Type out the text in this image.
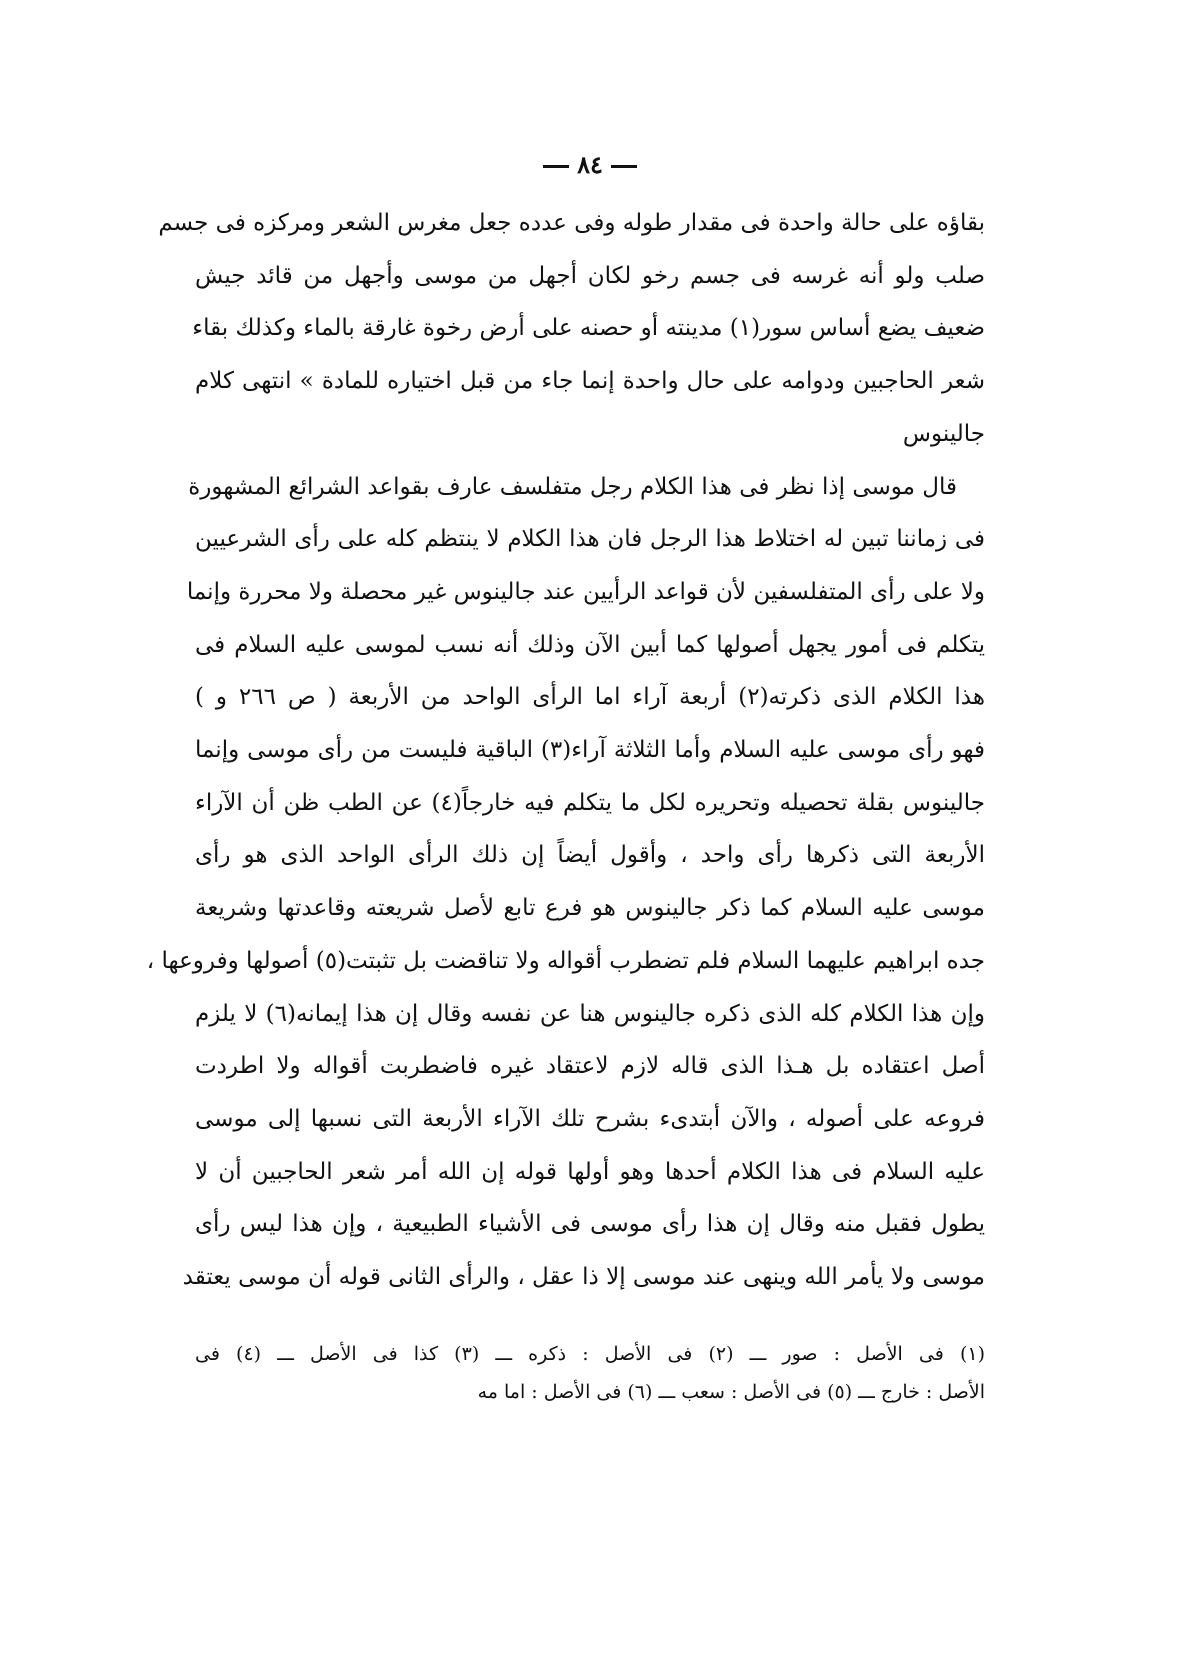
٨٤

بقاؤه على حالة واحدة فى مقدار طوله وفى عدده جعل مغرس الشعر ومركزه فى جسم
صلب ولو أنه غرسه فى جسم رخو لكان أجهل من موسى وأجهل من قائد جيش
ضعيف يضع أساس سور(١) مدينته أو حصنه على أرض رخوة غارقة بالماء وكذلك بقاء
شعر الحاجبين ودوامه على حال واحدة إنما جاء من قبل اختياره للمادة » انتهى كلام
جالينوس

قال موسى إذا نظر فى هذا الكلام رجل متفلسف عارف بقواعد الشرائع المشهورة
فى زماننا تبين له اختلاط هذا الرجل فان هذا الكلام لا ينتظم كله على رأى الشرعيين
ولا على رأى المتفلسفين لأن قواعد الرأيين عند جالينوس غير محصلة ولا محررة وإنما
يتكلم فى أمور يجهل أصولها كما أبين الآن وذلك أنه نسب لموسى عليه السلام فى
هذا الكلام الذى ذكرته(٢) أربعة آراء اما الرأى الواحد من الأربعة ( ص ٢٦٦ و )
فهو رأى موسى عليه السلام وأما الثلاثة آراء(٣) الباقية فليست من رأى موسى وإنما
جالينوس بقلة تحصيله وتحريره لكل ما يتكلم فيه خارجاً(٤) عن الطب ظن أن الآراء
الأربعة التى ذكرها رأى واحد ، وأقول أيضاً إن ذلك الرأى الواحد الذى هو رأى
موسى عليه السلام كما ذكر جالينوس هو فرع تابع لأصل شريعته وقاعدتها وشريعة
جده ابراهيم عليهما السلام فلم تضطرب أقواله ولا تناقضت بل تثبتت(٥) أصولها وفروعها ،
وإن هذا الكلام كله الذى ذكره جالينوس هنا عن نفسه وقال إن هذا إيمانه(٦) لا يلزم
أصل اعتقاده بل هـذا الذى قاله لازم لاعتقاد غيره فاضطربت أقواله ولا اطردت
فروعه على أصوله ، والآن أبتدىء بشرح تلك الآراء الأربعة التى نسبها إلى موسى
عليه السلام فى هذا الكلام أحدها وهو أولها قوله إن الله أمر شعر الحاجبين أن لا
يطول فقبل منه وقال إن هذا رأى موسى فى الأشياء الطبيعية ، وإن هذا ليس رأى
موسى ولا يأمر الله وينهى عند موسى إلا ذا عقل ، والرأى الثانى قوله أن موسى يعتقد

(١) فى الأصل : صور ـــ (٢) فى الأصل : ذكره ـــ (٣) كذا فى الأصل ـــ (٤) فى
الأصل : خارج ـــ (٥) فى الأصل : سعب ـــ (٦) فى الأصل : اما مه
